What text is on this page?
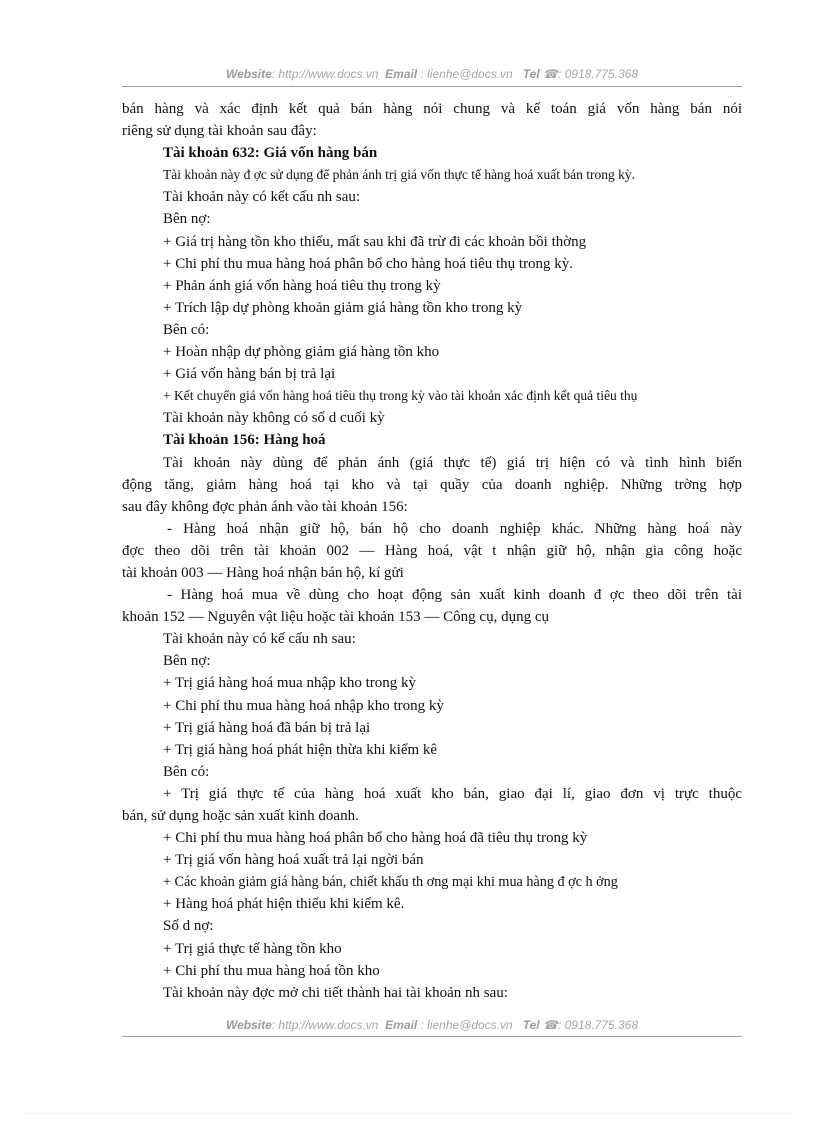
Website: http://www.docs.vn Email : lienhe@docs.vn Tel ☎: 0918.775.368
bán hàng và xác định kết quả bán hàng nói chung và kế toán giá vốn hàng bán nói
riêng sử dụng tài khoản sau đây:
Tài khoản 632: Giá vốn hàng bán
Tài khoản này đ ợc sử dụng để phản ánh trị giá vốn thực tế hàng hoá xuất bán trong kỳ.
Tài khoản này có kết cấu nh sau:
Bên nợ:
+ Giá trị hàng tồn kho thiếu, mất sau khi đã trừ đi các khoản bồi thờng
+ Chi phí thu mua hàng hoá phân bổ cho hàng hoá tiêu thụ trong kỳ.
+ Phản ánh giá vốn hàng hoá tiêu thụ trong kỳ
+ Trích lập dự phòng khoản giảm giá hàng tồn kho trong kỳ
Bên có:
+ Hoàn nhập dự phòng giảm giá hàng tồn kho
+ Giá vốn hàng bán bị trả lại
+ Kết chuyển giá vốn hàng hoá tiêu thụ trong kỳ vào tài khoản xác định kết quả tiêu thụ
Tài khoản này không có số d cuối kỳ
Tài khoản 156: Hàng hoá
Tài khoản này dùng để phản ánh (giá thực tế) giá trị hiện có và tình hình biến
động tăng, giảm hàng hoá tại kho và tại quầy của doanh nghiệp. Những trờng hợp
sau đây không đợc phản ánh vào tài khoản 156:
- Hàng hoá nhận giữ hộ, bán hộ cho doanh nghiệp khác. Những hàng hoá này
đợc theo dõi trên tài khoản 002 — Hàng hoá, vật t nhận giữ hộ, nhận gia công hoặc
tài khoản 003 — Hàng hoá nhận bán hộ, kí gửi
- Hàng hoá mua về dùng cho hoạt động sản xuất kinh doanh đ ợc theo dõi trên tài
khoản 152 — Nguyên vật liệu hoặc tài khoản 153 — Công cụ, dụng cụ
Tài khoản này có kế cấu nh sau:
Bên nợ:
+ Trị giá hàng hoá mua nhập kho trong kỳ
+ Chi phí thu mua hàng hoá nhập kho trong kỳ
+ Trị giá hàng hoá đã bán bị trả lại
+ Trị giá hàng hoá phát hiện thừa khi kiểm kê
Bên có:
+ Trị giá thực tế của hàng hoá xuất kho bán, giao đại lí, giao đơn vị trực thuộc
bán, sử dụng hoặc sản xuất kinh doanh.
+ Chi phí thu mua hàng hoá phân bổ cho hàng hoá đã tiêu thụ trong kỳ
+ Trị giá vốn hàng hoá xuất trả lại ngời bán
+ Các khoản giảm giá hàng bán, chiết khấu th ơng mại khi mua hàng đ ợc h ởng
+ Hàng hoá phát hiện thiếu khi kiểm kê.
Số d nợ:
+ Trị giá thực tế hàng tồn kho
+ Chi phí thu mua hàng hoá tồn kho
Tài khoản này đợc mở chi tiết thành hai tài khoản nh sau:
Website: http://www.docs.vn Email : lienhe@docs.vn Tel ☎: 0918.775.368
